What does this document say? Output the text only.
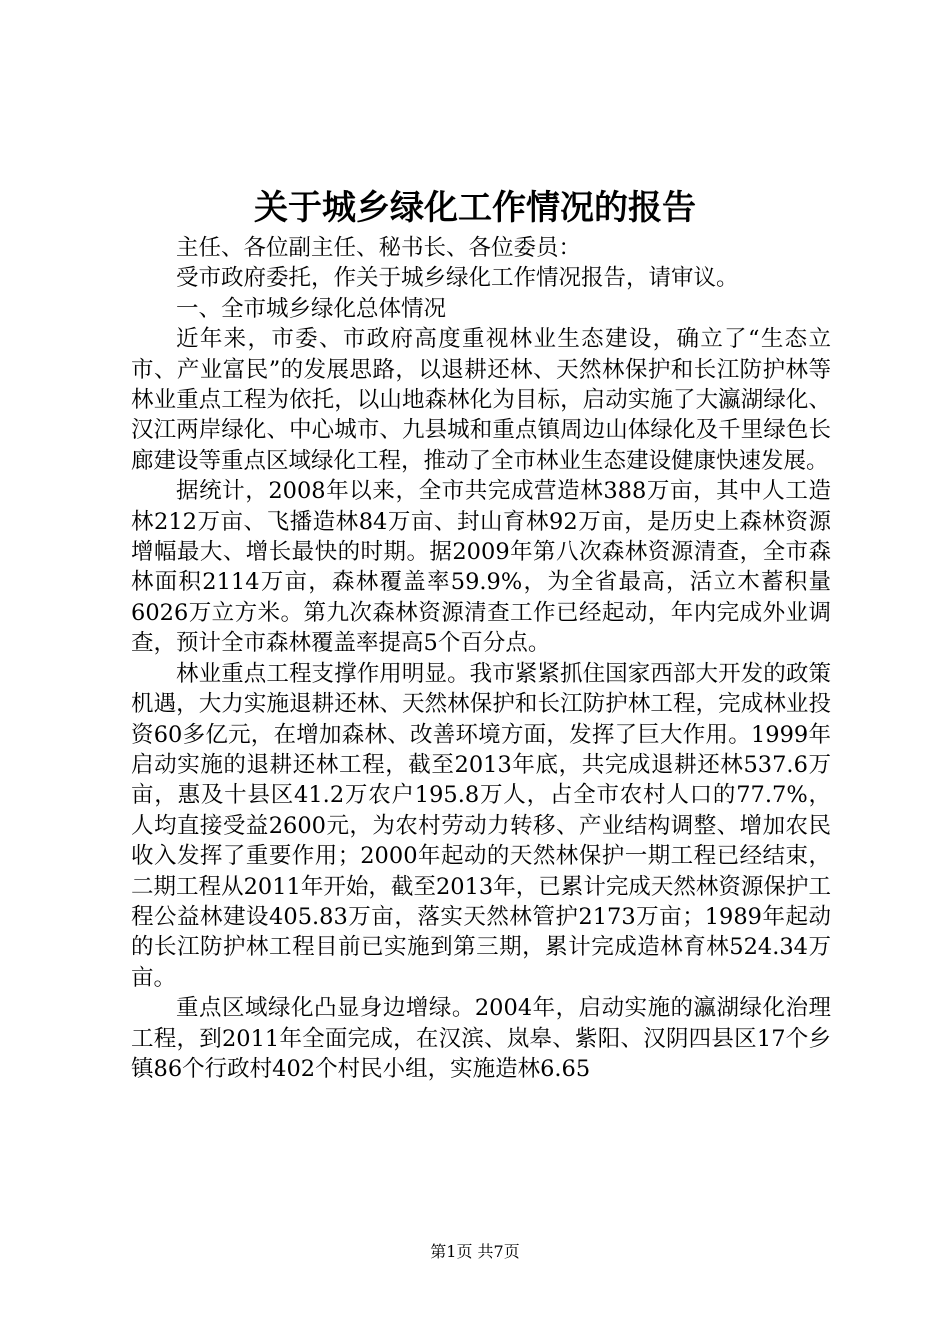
关于城乡绿化工作情况的报告

主任、各位副主任、秘书长、各位委员：

受市政府委托，作关于城乡绿化工作情况报告，请审议。

一、全市城乡绿化总体情况

近年来，市委、市政府高度重视林业生态建设，确立了“生态立市、产业富民”的发展思路，以退耕还林、天然林保护和长江防护林等林业重点工程为依托，以山地森林化为目标，启动实施了大瀛湖绿化、汉江两岸绿化、中心城市、九县城和重点镇周边山体绿化及千里绿色长廊建设等重点区域绿化工程，推动了全市林业生态建设健康快速发展。

据统计，2008年以来，全市共完成营造林388万亩，其中人工造林212万亩、飞播造林84万亩、封山育林92万亩，是历史上森林资源增幅最大、增长最快的时期。据2009年第八次森林资源清查，全市森林面积2114万亩，森林覆盖率59.9%，为全省最高，活立木蓄积量6026万立方米。第九次森林资源清查工作已经起动，年内完成外业调查，预计全市森林覆盖率提高5个百分点。

林业重点工程支撑作用明显。我市紧紧抓住国家西部大开发的政策机遇，大力实施退耕还林、天然林保护和长江防护林工程，完成林业投资60多亿元，在增加森林、改善环境方面，发挥了巨大作用。1999年启动实施的退耕还林工程，截至2013年底，共完成退耕还林537.6万亩，惠及十县区41.2万农户195.8万人，占全市农村人口的77.7%，人均直接受益2600元，为农村劳动力转移、产业结构调整、增加农民收入发挥了重要作用；2000年起动的天然林保护一期工程已经结束，二期工程从2011年开始，截至2013年，已累计完成天然林资源保护工程公益林建设405.83万亩，落实天然林管护2173万亩；1989年起动的长江防护林工程目前已实施到第三期，累计完成造林育林524.34万亩。

重点区域绿化凸显身边增绿。2004年，启动实施的瀛湖绿化治理工程，到2011年全面完成，在汉滨、岚皋、紫阳、汉阴四县区17个乡镇86个行政村402个村民小组，实施造林6.65

第1页 共7页
